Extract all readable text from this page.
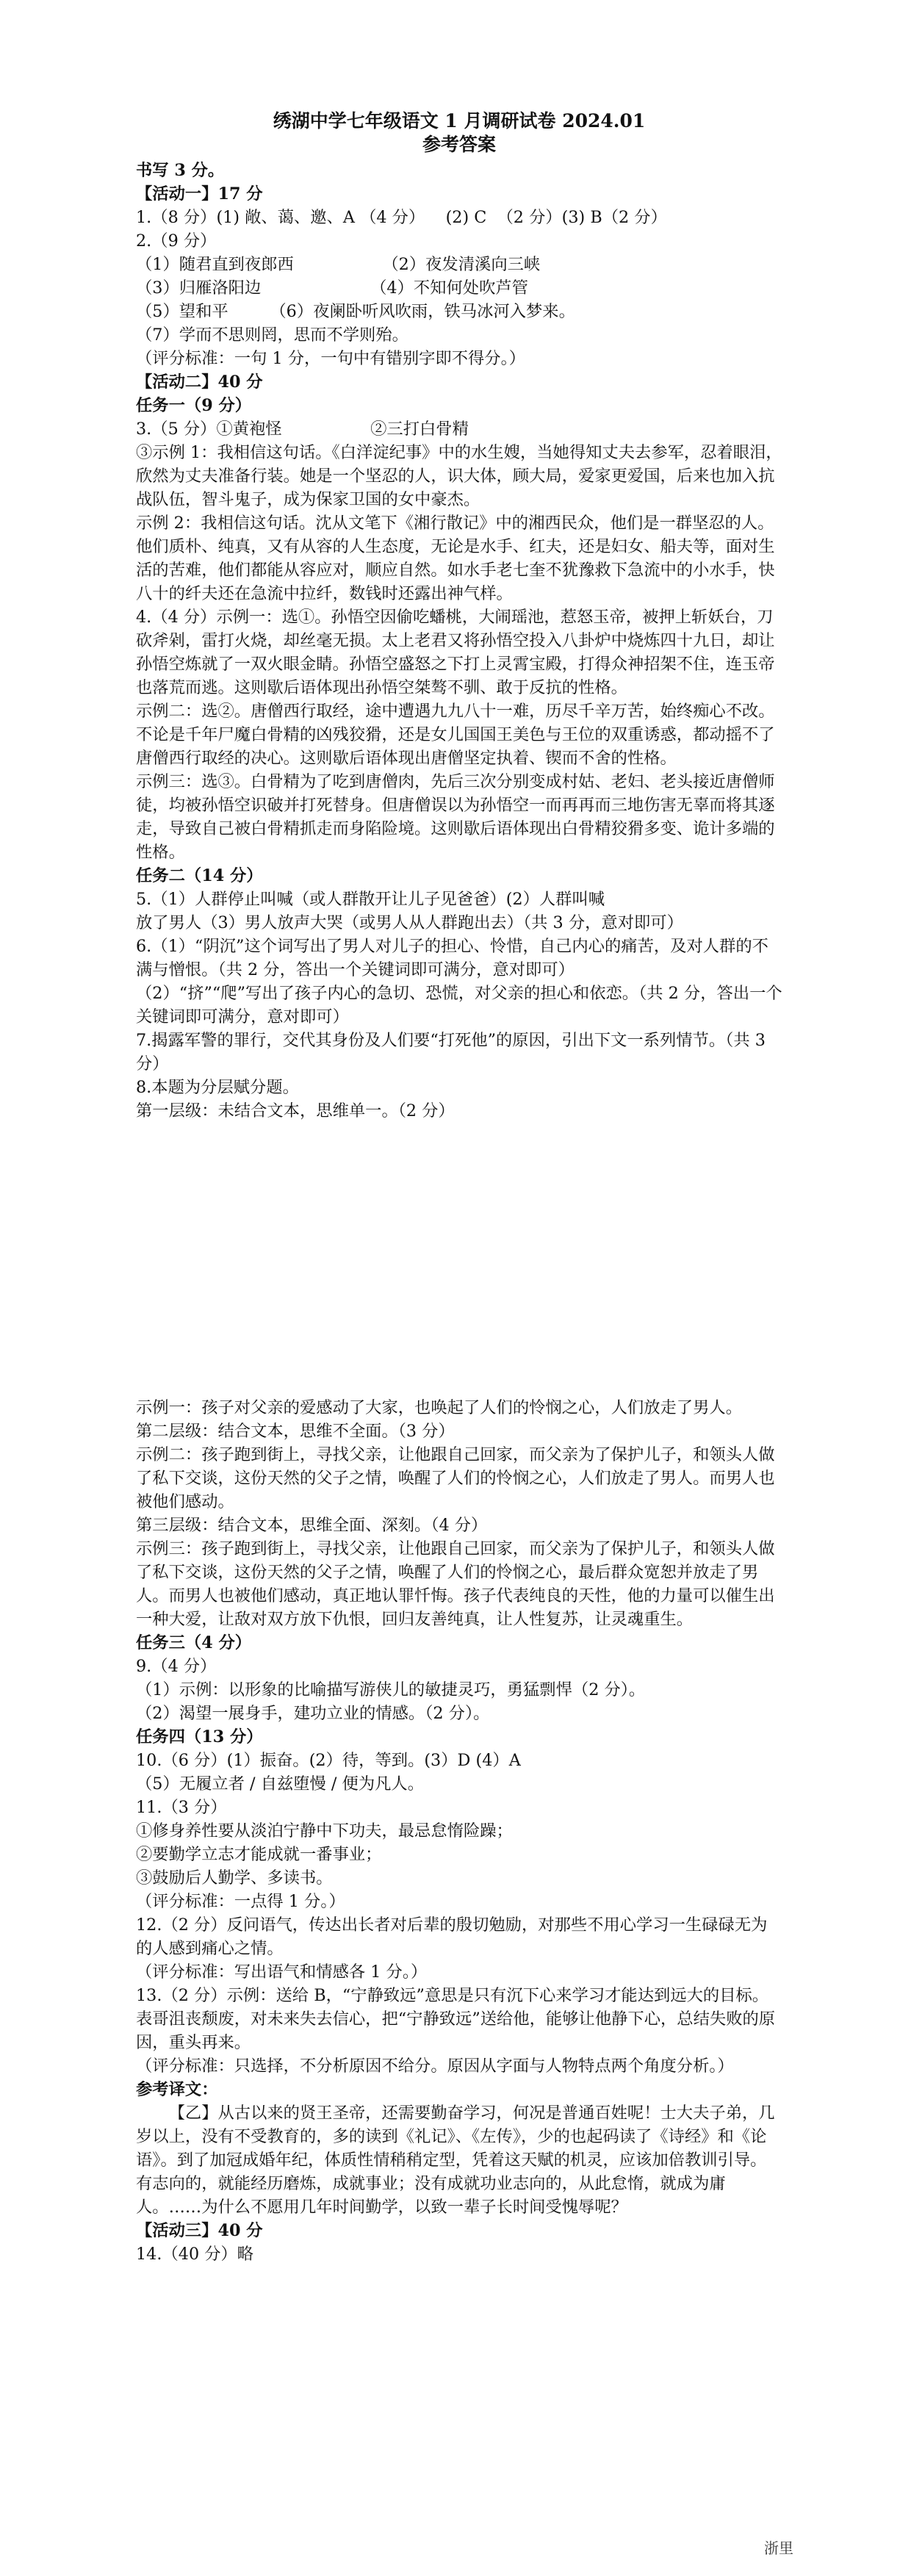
绣湖中学七年级语文 1 月调研试卷 2024.01

参考答案

书写 3 分。

【活动一】17 分

1.（8 分）(1) 敞、蔼、邀、A （4 分）    (2) C  （2 分）(3) B（2 分）

2.（9 分）

（1）随君直到夜郎西                 （2）夜发清溪向三峡

（3）归雁洛阳边                     （4）不知何处吹芦管

（5）望和平        （6）夜阑卧听风吹雨，铁马冰河入梦来。

（7）学而不思则罔，思而不学则殆。

（评分标准：一句 1 分，一句中有错别字即不得分。）

【活动二】40 分

任务一（9 分）

3.（5 分）①黄袍怪                 ②三打白骨精

③示例 1：我相信这句话。《白洋淀纪事》中的水生嫂，当她得知丈夫去参军，忍着眼泪，欣然为丈夫准备行装。她是一个坚忍的人，识大体，顾大局，爱家更爱国，后来也加入抗战队伍，智斗鬼子，成为保家卫国的女中豪杰。

示例 2：我相信这句话。沈从文笔下《湘行散记》中的湘西民众，他们是一群坚忍的人。他们质朴、纯真，又有从容的人生态度，无论是水手、红夫，还是妇女、船夫等，面对生活的苦难，他们都能从容应对，顺应自然。如水手老七奎不犹豫救下急流中的小水手，快八十的纤夫还在急流中拉纤，数钱时还露出神气样。

4.（4 分）示例一：选①。孙悟空因偷吃蟠桃，大闹瑶池，惹怒玉帝，被押上斩妖台，刀砍斧剁，雷打火烧，却丝毫无损。太上老君又将孙悟空投入八卦炉中烧炼四十九日，却让孙悟空炼就了一双火眼金睛。孙悟空盛怒之下打上灵霄宝殿，打得众神招架不住，连玉帝也落荒而逃。这则歇后语体现出孙悟空桀骜不驯、敢于反抗的性格。

示例二：选②。唐僧西行取经，途中遭遇九九八十一难，历尽千辛万苦，始终痴心不改。不论是千年尸魔白骨精的凶残狡猾，还是女儿国国王美色与王位的双重诱惑，都动摇不了唐僧西行取经的决心。这则歇后语体现出唐僧坚定执着、锲而不舍的性格。

示例三：选③。白骨精为了吃到唐僧肉，先后三次分别变成村姑、老妇、老头接近唐僧师徒，均被孙悟空识破并打死替身。但唐僧误以为孙悟空一而再再而三地伤害无辜而将其逐走，导致自己被白骨精抓走而身陷险境。这则歇后语体现出白骨精狡猾多变、诡计多端的性格。

任务二（14 分）

5.（1）人群停止叫喊（或人群散开让儿子见爸爸）(2）人群叫喊

放了男人（3）男人放声大哭（或男人从人群跑出去）（共 3 分，意对即可）

6.（1）“阴沉”这个词写出了男人对儿子的担心、怜惜，自己内心的痛苦，及对人群的不满与憎恨。（共 2 分，答出一个关键词即可满分，意对即可）

（2）“挤”“爬”写出了孩子内心的急切、恐慌，对父亲的担心和依恋。（共 2 分，答出一个关键词即可满分，意对即可）

7.揭露军警的罪行，交代其身份及人们要“打死他”的原因，引出下文一系列情节。（共 3 分）

8.本题为分层赋分题。

第一层级：未结合文本，思维单一。（2 分）

示例一：孩子对父亲的爱感动了大家，也唤起了人们的怜悯之心，人们放走了男人。

第二层级：结合文本，思维不全面。（3 分）

示例二：孩子跑到街上，寻找父亲，让他跟自己回家，而父亲为了保护儿子，和领头人做了私下交谈，这份天然的父子之情，唤醒了人们的怜悯之心，人们放走了男人。而男人也被他们感动。

第三层级：结合文本，思维全面、深刻。（4 分）

示例三：孩子跑到街上，寻找父亲，让他跟自己回家，而父亲为了保护儿子，和领头人做了私下交谈，这份天然的父子之情，唤醒了人们的怜悯之心，最后群众宽恕并放走了男人。而男人也被他们感动，真正地认罪忏悔。孩子代表纯良的天性，他的力量可以催生出一种大爱，让敌对双方放下仇恨，回归友善纯真，让人性复苏，让灵魂重生。

任务三（4 分）

9.（4 分）

（1）示例：以形象的比喻描写游侠儿的敏捷灵巧，勇猛剽悍（2 分）。

（2）渴望一展身手，建功立业的情感。（2 分）。

任务四（13 分）

10.（6 分）(1）振奋。(2）待，等到。(3）D (4）A

（5）无履立者 / 自兹堕慢 / 便为凡人。

11.（3 分）

①修身养性要从淡泊宁静中下功夫，最忌怠惰险躁；

②要勤学立志才能成就一番事业；

③鼓励后人勤学、多读书。

（评分标准：一点得 1 分。）

12.（2 分）反问语气，传达出长者对后辈的殷切勉励，对那些不用心学习一生碌碌无为的人感到痛心之情。

（评分标准：写出语气和情感各 1 分。）

13.（2 分）示例：送给 B，“宁静致远”意思是只有沉下心来学习才能达到远大的目标。表哥沮丧颓废，对未来失去信心，把“宁静致远”送给他，能够让他静下心，总结失败的原因，重头再来。

（评分标准：只选择，不分析原因不给分。原因从字面与人物特点两个角度分析。）

参考译文：

【乙】从古以来的贤王圣帝，还需要勤奋学习，何况是普通百姓呢！士大夫子弟，几岁以上，没有不受教育的，多的读到《礼记》、《左传》，少的也起码读了《诗经》和《论语》。到了加冠成婚年纪，体质性情稍稍定型，凭着这天赋的机灵，应该加倍教训引导。有志向的，就能经历磨炼，成就事业；没有成就功业志向的，从此怠惰，就成为庸人。……为什么不愿用几年时间勤学，以致一辈子长时间受愧辱呢？

【活动三】40 分

14.（40 分）略

浙里
